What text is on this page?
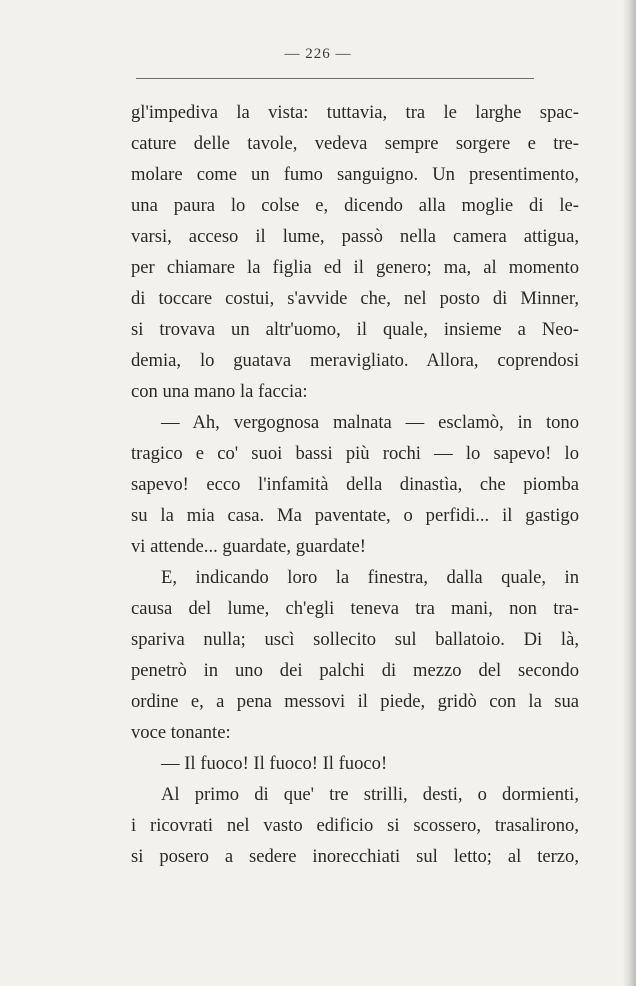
— 226 —
gl'impediva la vista: tuttavia, tra le larghe spac-
cature delle tavole, vedeva sempre sorgere e tre-
molare come un fumo sanguigno. Un presentimento,
una paura lo colse e, dicendo alla moglie di le-
varsi, acceso il lume, passò nella camera attigua,
per chiamare la figlia ed il genero; ma, al momento
di toccare costui, s'avvide che, nel posto di Minner,
si trovava un altr'uomo, il quale, insieme a Neo-
demia, lo guatava meravigliato. Allora, coprendosi
con una mano la faccia:
— Ah, vergognosa malnata — esclamò, in tono
tragico e co' suoi bassi più rochi — lo sapevo! lo
sapevo! ecco l'infamità della dinastìa, che piomba
su la mia casa. Ma paventate, o perfidi... il gastigo
vi attende... guardate, guardate!
E, indicando loro la finestra, dalla quale, in
causa del lume, ch'egli teneva tra mani, non tra-
spariva nulla; uscì sollecito sul ballatoio. Di là,
penetrò in uno dei palchi di mezzo del secondo
ordine e, a pena messovi il piede, gridò con la sua
voce tonante:
— Il fuoco! Il fuoco! Il fuoco!
Al primo di que' tre strilli, desti, o dormienti,
i ricovrati nel vasto edificio si scossero, trasalirono,
si posero a sedere inorecchiati sul letto; al terzo,
